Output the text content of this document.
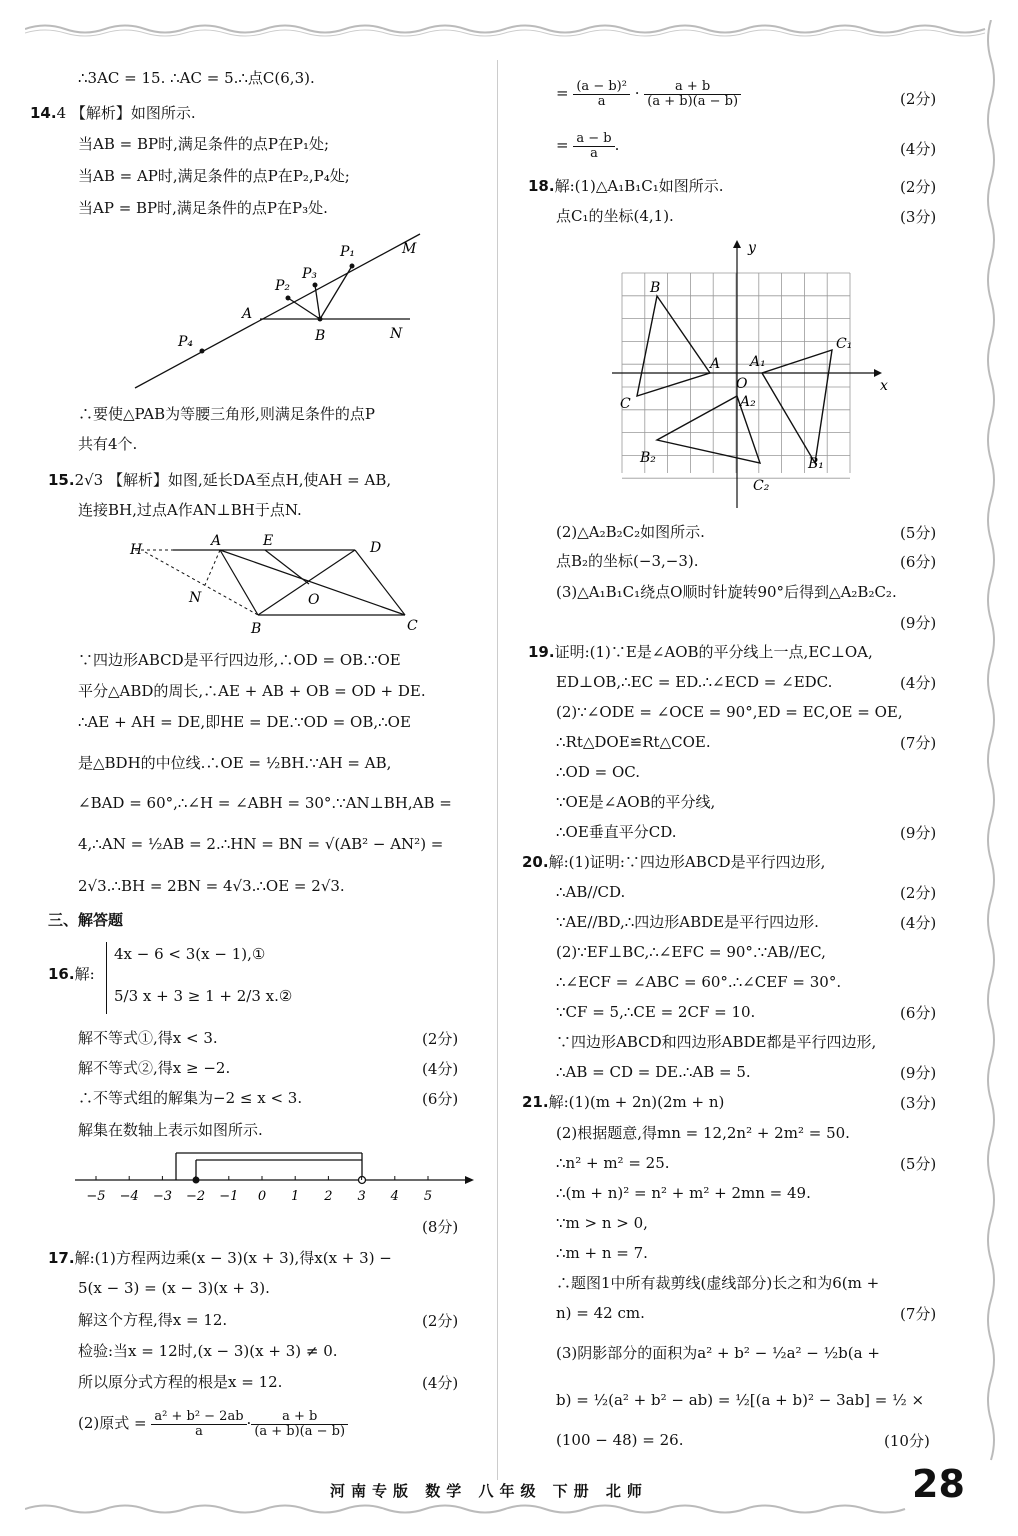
∴3AC = 15. ∴AC = 5.∴点C(6,3).
14.4 【解析】如图所示.
当AB = BP时,满足条件的点P在P₁处;
当AB = AP时,满足条件的点P在P₂,P₄处;
当AP = BP时,满足条件的点P在P₃处.
M
N
A
B
P₁
P₃
P₂
P₄
∴要使△PAB为等腰三角形,则满足条件的点P
共有4个.
15.2√3 【解析】如图,延长DA至点H,使AH = AB,
连接BH,过点A作AN⊥BH于点N.
H
A	E	D
N	O
B	C
∵四边形ABCD是平行四边形,∴OD = OB.∵OE
平分△ABD的周长,∴AE + AB + OB = OD + DE.
∴AE + AH = DE,即HE = DE.∵OD = OB,∴OE
是△BDH的中位线.∴OE = ½BH.∵AH = AB,
∠BAD = 60°,∴∠H = ∠ABH = 30°.∵AN⊥BH,AB =
4,∴AN = ½AB = 2.∴HN = BN = √(AB² − AN²) =
2√3.∴BH = 2BN = 4√3.∴OE = 2√3.
三、解答题
16.解:
4x − 6 < 3(x − 1),①
5/3 x + 3 ≥ 1 + 2/3 x.②
解不等式①,得x < 3.	(2分)
解不等式②,得x ≥ −2.	(4分)
∴不等式组的解集为−2 ≤ x < 3.	(6分)
解集在数轴上表示如图所示.
−5 −4 −3 −2 −1 0 1 2 3 4 5
(8分)
17.解:(1)方程两边乘(x − 3)(x + 3),得x(x + 3) −
5(x − 3) = (x − 3)(x + 3).
解这个方程,得x = 12.	(2分)
检验:当x = 12时,(x − 3)(x + 3) ≠ 0.
所以原分式方程的根是x = 12.	(4分)
(2)原式 = $\frac{\text{a² + b² − 2ab}}{a} \cdot \frac{a + b}{(a + b)(a - b)}$
= $\frac{\text{(a − b)²}}{a} \cdot \frac{a + b}{(a + b)(a - b)}$	(2分)
= $\frac{a - b}{a}$ .	(4分)
18.解:(1)△A₁B₁C₁如图所示.	(2分)
点C₁的坐标(4,1).	(3分)
y
x
O
B
A
C
A₁
C₁
A₂
B₂	B₁
C₂
(2)△A₂B₂C₂如图所示.	(5分)
点B₂的坐标(−3,−3).	(6分)
(3)△A₁B₁C₁绕点O顺时针旋转90°后得到△A₂B₂C₂.
(9分)
19.证明:(1)∵E是∠AOB的平分线上一点,EC⊥OA,
ED⊥OB,∴EC = ED.∴∠ECD = ∠EDC.	(4分)
(2)∵∠ODE = ∠OCE = 90°,ED = EC,OE = OE,
∴Rt△DOE≌Rt△COE.	(7分)
∴OD = OC.
∵OE是∠AOB的平分线,
∴OE垂直平分CD.	(9分)
20.解:(1)证明:∵四边形ABCD是平行四边形,
∴AB//CD.	(2分)
∵AE//BD,∴四边形ABDE是平行四边形.	(4分)
(2)∵EF⊥BC,∴∠EFC = 90°.∵AB//EC,
∴∠ECF = ∠ABC = 60°.∴∠CEF = 30°.
∵CF = 5,∴CE = 2CF = 10.	(6分)
∵四边形ABCD和四边形ABDE都是平行四边形,
∴AB = CD = DE.∴AB = 5.	(9分)
21.解:(1)(m + 2n)(2m + n)	(3分)
(2)根据题意,得mn = 12,2n² + 2m² = 50.
∴n² + m² = 25.	(5分)
∴(m + n)² = n² + m² + 2mn = 49.
∵m > n > 0,
∴m + n = 7.
∴题图1中所有裁剪线(虚线部分)长之和为6(m +
n) = 42 cm.	(7分)
(3)阴影部分的面积为a² + b² − ½a² − ½b(a +
b) = ½(a² + b² − ab) = ½[(a + b)² − 3ab] = ½ ×
(100 − 48) = 26.	(10分)
河南专版 数学 八年级 下册 北师	28
